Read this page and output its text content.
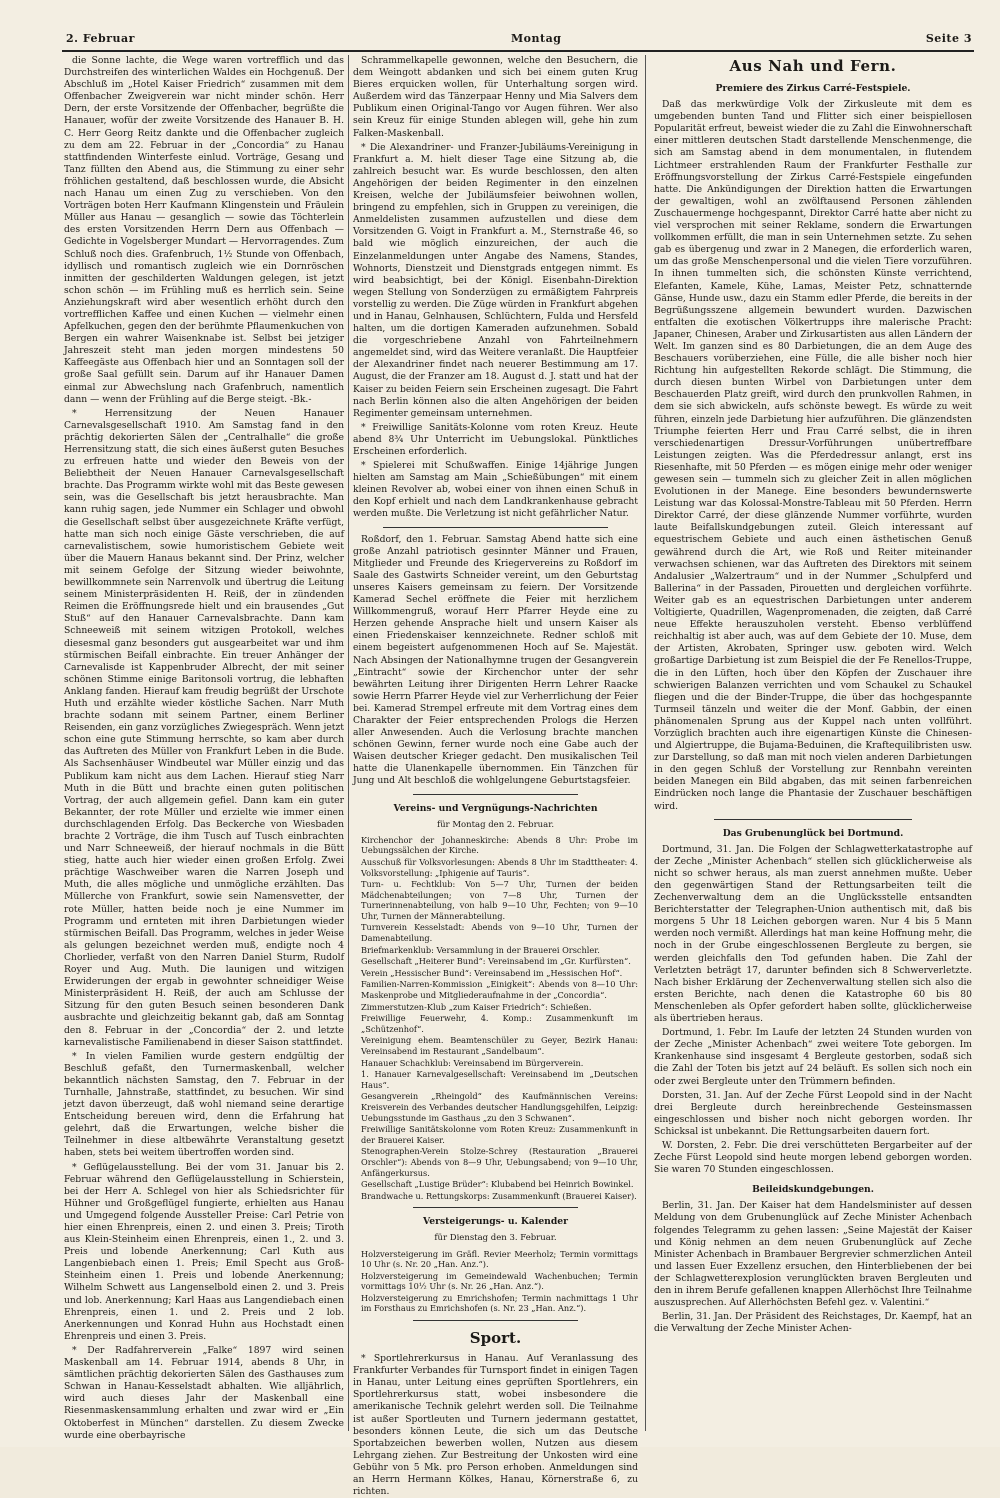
2. Februar	Montag	Seite 3

die Sonne lachte, die Wege waren vortrefflich und das Durchstreifen des winterlichen Waldes ein Hochgenuß. Der Abschluß im „Hotel Kaiser Friedrich“ zusammen mit dem Offenbacher Zweigverein war nicht minder schön. Herr Dern, der erste Vorsitzende der Offenbacher, begrüßte die Hanauer, wofür der zweite Vorsitzende des Hanauer B. H. C. Herr Georg Reitz dankte und die Offenbacher zugleich zu dem am 22. Februar in der „Concordia“ zu Hanau stattfindenden Winterfeste einlud. Vorträge, Gesang und Tanz füllten den Abend aus, die Stimmung zu einer sehr fröhlichen gestaltend, daß beschlossen wurde, die Absicht nach Hanau um einen Zug zu verschieben. Von den Vorträgen boten Herr Kaufmann Klingenstein und Fräulein Müller aus Hanau — gesanglich — sowie das Töchterlein des ersten Vorsitzenden Herrn Dern aus Offenbach — Gedichte in Vogelsberger Mundart — Hervorragendes. Zum Schluß noch dies. Grafenbruch, 1½ Stunde von Offenbach, idyllisch und romantisch zugleich wie ein Dornröschen inmitten der geschilderten Waldungen gelegen, ist jetzt schon schön — im Frühling muß es herrlich sein. Seine Anziehungskraft wird aber wesentlich erhöht durch den vortrefflichen Kaffee und einen Kuchen — vielmehr einen Apfelkuchen, gegen den der berühmte Pflaumenkuchen von Bergen ein wahrer Waisenknabe ist. Selbst bei jetziger Jahreszeit steht man jeden morgen mindestens 50 Kaffeegäste aus Offenbach hier und an Sonntagen soll der große Saal gefüllt sein. Darum auf ihr Hanauer Damen einmal zur Abwechslung nach Grafenbruch, namentlich dann — wenn der Frühling auf die Berge steigt. -Bk.-

* Herrensitzung der Neuen Hanauer Carnevalsgesellschaft 1910. Am Samstag fand in den prächtig dekorierten Sälen der „Centralhalle“ die große Herrensitzung statt, die sich eines äußerst guten Besuches zu erfreuen hatte und wieder den Beweis von der Beliebtheit der Neuen Hanauer Carnevalsgesellschaft brachte. Das Programm wirkte wohl mit das Beste gewesen sein, was die Gesellschaft bis jetzt herausbrachte. Man kann ruhig sagen, jede Nummer ein Schlager und obwohl die Gesellschaft selbst über ausgezeichnete Kräfte verfügt, hatte man sich noch einige Gäste verschrieben, die auf carnevalistischem, sowie humoristischem Gebiete weit über die Mauern Hanaus bekannt sind. Der Prinz, welcher mit seinem Gefolge der Sitzung wieder beiwohnte, bewillkommnete sein Narrenvolk und übertrug die Leitung seinem Ministerpräsidenten H. Reiß, der in zündenden Reimen die Eröffnungsrede hielt und ein brausendes „Gut Stuß“ auf den Hanauer Carnevalsbrachte. Dann kam Schneeweiß mit seinem witzigen Protokoll, welches diesesmal ganz besonders gut ausgearbeitet war und ihm stürmischen Beifall einbrachte. Ein treuer Anhänger der Carnevalisde ist Kappenbruder Albrecht, der mit seiner schönen Stimme einige Baritonsoli vortrug, die lebhaften Anklang fanden. Hierauf kam freudig begrüßt der Urschote Huth und erzählte wieder köstliche Sachen. Narr Muth brachte sodann mit seinem Partner, einem Berliner Reisenden, ein ganz vorzügliches Zwiegespräch. Wenn jetzt schon eine gute Stimmung herrschte, so kam aber durch das Auftreten des Müller von Frankfurt Leben in die Bude. Als Sachsenhäuser Windbeutel war Müller einzig und das Publikum kam nicht aus dem Lachen. Hierauf stieg Narr Muth in die Bütt und brachte einen guten politischen Vortrag, der auch allgemein gefiel. Dann kam ein guter Bekannter, der rote Müller und erzielte wie immer einen durchschlagenden Erfolg. Das Beckerche von Wiesbaden brachte 2 Vorträge, die ihm Tusch auf Tusch einbrachten und Narr Schneeweiß, der hierauf nochmals in die Bütt stieg, hatte auch hier wieder einen großen Erfolg. Zwei prächtige Waschweiber waren die Narren Joseph und Muth, die alles mögliche und unmögliche erzählten. Das Müllerche von Frankfurt, sowie sein Namensvetter, der rote Müller, hatten beide noch je eine Nummer im Programm und ernteten mit ihren Darbietungen wieder stürmischen Beifall. Das Programm, welches in jeder Weise als gelungen bezeichnet werden muß, endigte noch 4 Chorlieder, verfaßt von den Narren Daniel Sturm, Rudolf Royer und Aug. Muth. Die launigen und witzigen Erwiderungen der ergab in gewohnter schneidiger Weise Ministerpräsident H. Reiß, der auch am Schlusse der Sitzung für den guten Besuch seinen besonderen Dank ausbrachte und gleichzeitig bekannt gab, daß am Sonntag den 8. Februar in der „Concordia“ der 2. und letzte karnevalistische Familienabend in dieser Saison stattfindet.

* In vielen Familien wurde gestern endgültig der Beschluß gefaßt, den Turnermaskenball, welcher bekanntlich nächsten Samstag, den 7. Februar in der Turnhalle, Jahnstraße, stattfindet, zu besuchen. Wir sind jetzt davon überzeugt, daß wohl niemand seine derartige Entscheidung bereuen wird, denn die Erfahrung hat gelehrt, daß die Erwartungen, welche bisher die Teilnehmer in diese altbewährte Veranstaltung gesetzt haben, stets bei weitem übertroffen worden sind.

* Geflügelausstellung. Bei der vom 31. Januar bis 2. Februar während den Geflügelausstellung in Schierstein, bei der Herr A. Schlegel von hier als Schiedsrichter für Hühner und Großgeflügel fungierte, erhielten aus Hanau und Umgegend folgende Aussteller Preise: Carl Petrie von hier einen Ehrenpreis, einen 2. und einen 3. Preis; Tiroth aus Klein-Steinheim einen Ehrenpreis, einen 1., 2. und 3. Preis und lobende Anerkennung; Carl Kuth aus Langenbiebach einen 1. Preis; Emil Specht aus Groß-Steinheim einen 1. Preis und lobende Anerkennung; Wilhelm Schwett aus Langenselbold einen 2. und 3. Preis und lob. Anerkennung; Karl Haas aus Langendiebach einen Ehrenpreis, einen 1. und 2. Preis und 2 lob. Anerkennungen und Konrad Huhn aus Hochstadt einen Ehrenpreis und einen 3. Preis.

* Der Radfahrerverein „Falke“ 1897 wird seinen Maskenball am 14. Februar 1914, abends 8 Uhr, in sämtlichen prächtig dekorierten Sälen des Gasthauses zum Schwan in Hanau-Kesselstadt abhalten. Wie alljährlich, wird auch dieses Jahr der Maskenball eine Riesenmaskensammlung erhalten und zwar wird er „Ein Oktoberfest in München“ darstellen. Zu diesem Zwecke wurde eine oberbayrische

Schrammelkapelle gewonnen, welche den Besuchern, die dem Weingott abdanken und sich bei einem guten Krug Bieres erquicken wollen, für Unterhaltung sorgen wird. Außerdem wird das Tänzerpaar Henny und Mia Salvers dem Publikum einen Original-Tango vor Augen führen. Wer also sein Kreuz für einige Stunden ablegen will, gehe hin zum Falken-Maskenball.

* Die Alexandriner- und Franzer-Jubiläums-Vereinigung in Frankfurt a. M. hielt dieser Tage eine Sitzung ab, die zahlreich besucht war. Es wurde beschlossen, den alten Angehörigen der beiden Regimenter in den einzelnen Kreisen, welche der Jubiläumsfeier beiwohnen wollen, bringend zu empfehlen, sich in Gruppen zu vereinigen, die Anmeldelisten zusammen aufzustellen und diese dem Vorsitzenden G. Voigt in Frankfurt a. M., Sternstraße 46, so bald wie möglich einzureichen, der auch die Einzelanmeldungen unter Angabe des Namens, Standes, Wohnorts, Dienstzeit und Dienstgrads entgegen nimmt. Es wird beabsichtigt, bei der Königl. Eisenbahn-Direktion wegen Stellung von Sonderzügen zu ermäßigtem Fahrpreis vorstellig zu werden. Die Züge würden in Frankfurt abgehen und in Hanau, Gelnhausen, Schlüchtern, Fulda und Hersfeld halten, um die dortigen Kameraden aufzunehmen. Sobald die vorgeschriebene Anzahl von Fahrteilnehmern angemeldet sind, wird das Weitere veranlaßt. Die Hauptfeier der Alexandriner findet nach neuerer Bestimmung am 17. August, die der Franzer am 18. August d. J. statt und hat der Kaiser zu beiden Feiern sein Erscheinen zugesagt. Die Fahrt nach Berlin können also die alten Angehörigen der beiden Regimenter gemeinsam unternehmen.

* Freiwillige Sanitäts-Kolonne vom roten Kreuz. Heute abend 8¾ Uhr Unterricht im Uebungslokal. Pünktliches Erscheinen erforderlich.

* Spielerei mit Schußwaffen. Einige 14jährige Jungen hielten am Samstag am Main „Schießübungen“ mit einem kleinen Revolver ab, wobei einer von ihnen einen Schuß in den Kopf erhielt und nach dem Landkrankenhause gebracht werden mußte. Die Verletzung ist nicht gefährlicher Natur.

Roßdorf, den 1. Februar. Samstag Abend hatte sich eine große Anzahl patriotisch gesinnter Männer und Frauen, Mitglieder und Freunde des Kriegervereins zu Roßdorf im Saale des Gastwirts Schneider vereint, um den Geburtstag unseres Kaisers gemeinsam zu feiern. Der Vorsitzende Kamerad Sechel eröffnete die Feier mit herzlichem Willkommengruß, worauf Herr Pfarrer Heyde eine zu Herzen gehende Ansprache hielt und unsern Kaiser als einen Friedenskaiser kennzeichnete. Redner schloß mit einem begeistert aufgenommenen Hoch auf Se. Majestät. Nach Absingen der Nationalhymne trugen der Gesangverein „Eintracht“ sowie der Kirchenchor unter der sehr bewährten Leitung ihrer Dirigenten Herrn Lehrer Raacke sowie Herrn Pfarrer Heyde viel zur Verherrlichung der Feier bei. Kamerad Strempel erfreute mit dem Vortrag eines dem Charakter der Feier entsprechenden Prologs die Herzen aller Anwesenden. Auch die Verlosung brachte manchen schönen Gewinn, ferner wurde noch eine Gabe auch der Waisen deutscher Krieger gedacht. Den musikalischen Teil hatte die Ulanenkapelle übernommen. Ein Tänzchen für Jung und Alt beschloß die wohlgelungene Geburtstagsfeier.

Vereins- und Vergnügungs-Nachrichten
für Montag den 2. Februar.

Kirchenchor der Johanneskirche: Abends 8 Uhr: Probe im Uebungssälchen der Kirche.

Ausschuß für Volksvorlesungen: Abends 8 Uhr im Stadttheater: 4. Volksvorstellung: „Iphigenie auf Tauris“.

Turn- u. Fechtklub: Von 5—7 Uhr, Turnen der beiden Mädchenabteilungen; von 7—8 Uhr, Turnen der Turnerinnenabteilung, von halb 9—10 Uhr, Fechten; von 9—10 Uhr, Turnen der Männerabteilung.

Turnverein Kesselstadt: Abends von 9—10 Uhr, Turnen der Damenabteilung.

Briefmarkenklub: Versammlung in der Brauerei Orschler.

Gesellschaft „Heiterer Bund“: Vereinsabend im „Gr. Kurfürsten“.

Verein „Hessischer Bund“: Vereinsabend im „Hessischen Hof“.

Familien-Narren-Kommission „Einigkeit“: Abends von 8—10 Uhr: Maskenprobe und Mitgliederaufnahme in der „Concordia“.

Zimmerstutzen-Klub „zum Kaiser Friedrich“: Schießen.

Freiwillige Feuerwehr, 4. Komp.: Zusammenkunft im „Schützenhof“.

Vereinigung ehem. Beamtenschüler zu Geyer, Bezirk Hanau: Vereinsabend im Restaurant „Sandelbaum“.

Hanauer Schachklub: Vereinsabend im Bürgerverein.

1. Hanauer Karnevalgesellschaft: Vereinsabend im „Deutschen Haus“.

Gesangverein „Rheingold“ des Kaufmännischen Vereins: Kreisverein des Verbandes deutscher Handlungsgehilfen, Leipzig: Uebungsstunde im Gasthaus „zu den 3 Schwanen“.

Freiwillige Sanitätskolonne vom Roten Kreuz: Zusammenkunft in der Brauerei Kaiser.

Stenographen-Verein Stolze-Schrey (Restauration „Brauerei Orschler“): Abends von 8—9 Uhr, Uebungsabend; von 9—10 Uhr, Anfängerkursus.

Gesellschaft „Lustige Brüder“: Klubabend bei Heinrich Bowinkel.

Brandwache u. Rettungskorps: Zusammenkunft (Brauerei Kaiser).

Versteigerungs- u. Kalender
für Dienstag den 3. Februar.

Holzversteigerung im Gräfl. Revier Meerholz; Termin vormittags 10 Uhr (s. Nr. 20 „Han. Anz.“).

Holzversteigerung im Gemeindewald Wachenbuchen; Termin vormittags 10½ Uhr (s. Nr. 26 „Han. Anz.“).

Holzversteigerung zu Emrichshofen; Termin nachmittags 1 Uhr im Forsthaus zu Emrichshofen (s. Nr. 23 „Han. Anz.“).

Sport.

* Sportlehrerkursus in Hanau. Auf Veranlassung des Frankfurter Verbandes für Turnsport findet in einigen Tagen in Hanau, unter Leitung eines geprüften Sportlehrers, ein Sportlehrerkursus statt, wobei insbesondere die amerikanische Technik gelehrt werden soll. Die Teilnahme ist außer Sportleuten und Turnern jedermann gestattet, besonders können Leute, die sich um das Deutsche Sportabzeichen bewerben wollen, Nutzen aus diesem Lehrgang ziehen. Zur Bestreitung der Unkosten wird eine Gebühr von 5 Mk. pro Person erhoben. Anmeldungen sind an Herrn Hermann Kölkes, Hanau, Körnerstraße 6, zu richten.

Aus Nah und Fern.
Premiere des Zirkus Carré-Festspiele.

Daß das merkwürdige Volk der Zirkusleute mit dem es umgebenden bunten Tand und Flitter sich einer beispiellosen Popularität erfreut, beweist wieder die zu Zahl die Einwohnerschaft einer mittleren deutschen Stadt darstellende Menschenmenge, die sich am Samstag abend in dem monumentalen, in flutendem Lichtmeer erstrahlenden Raum der Frankfurter Festhalle zur Eröffnungsvorstellung der Zirkus Carré-Festspiele eingefunden hatte. Die Ankündigungen der Direktion hatten die Erwartungen der gewaltigen, wohl an zwölftausend Personen zählenden Zuschauermenge hochgespannt, Direktor Carré hatte aber nicht zu viel versprochen mit seiner Reklame, sondern die Erwartungen vollkommen erfüllt, die man in sein Unternehmen setzte. Zu sehen gab es übergenug und zwar in 2 Manegen, die erforderlich waren, um das große Menschenpersonal und die vielen Tiere vorzuführen. In ihnen tummelten sich, die schönsten Künste verrichtend, Elefanten, Kamele, Kühe, Lamas, Meister Petz, schnatternde Gänse, Hunde usw., dazu ein Stamm edler Pferde, die bereits in der Begrüßungsszene allgemein bewundert wurden. Dazwischen entfalten die exotischen Völkertrupps ihre malerische Pracht: Japaner, Chinesen, Araber und Zirkusartisten aus allen Ländern der Welt. Im ganzen sind es 80 Darbietungen, die an dem Auge des Beschauers vorüberziehen, eine Fülle, die alle bisher noch hier Richtung hin aufgestellten Rekorde schlägt. Die Stimmung, die durch diesen bunten Wirbel von Darbietungen unter dem Beschauerden Platz greift, wird durch den prunkvollen Rahmen, in dem sie sich abwickeln, aufs schönste bewegt. Es würde zu weit führen, einzeln jede Darbietung hier aufzuführen. Die glänzendsten Triumphe feierten Herr und Frau Carré selbst, die in ihren verschiedenartigen Dressur-Vorführungen unübertreffbare Leistungen zeigten. Was die Pferdedressur anlangt, erst ins Riesenhafte, mit 50 Pferden — es mögen einige mehr oder weniger gewesen sein — tummeln sich zu gleicher Zeit in allen möglichen Evolutionen in der Manege. Eine besonders bewundernswerte Leistung war das Kolossal-Monstre-Tableau mit 50 Pferden. Herrn Direktor Carré, der diese glänzende Nummer vorführte, wurden laute Beifallskundgebungen zuteil. Gleich interessant auf equestrischem Gebiete und auch einen ästhetischen Genuß gewährend durch die Art, wie Roß und Reiter miteinander verwachsen schienen, war das Auftreten des Direktors mit seinem Andalusier „Walzertraum“ und in der Nummer „Schulpferd und Ballerina“ in der Passaden, Pirouetten und dergleichen vorführte. Weiter gab es an equestrischen Darbietungen unter anderem Voltigierte, Quadrillen, Wagenpromenaden, die zeigten, daß Carré neue Effekte herauszuholen versteht. Ebenso verblüffend reichhaltig ist aber auch, was auf dem Gebiete der 10. Muse, dem der Artisten, Akrobaten, Springer usw. geboten wird. Welch großartige Darbietung ist zum Beispiel die der Fe Renellos-Truppe, die in den Lüften, hoch über den Köpfen der Zuschauer ihre schwierigen Balanzen verrichten und vom Schaukel zu Schaukel fliegen und die der Binder-Truppe, die über das hochgespannte Turmseil tänzeln und weiter die der Monf. Gabbin, der einen phänomenalen Sprung aus der Kuppel nach unten vollführt. Vorzüglich brachten auch ihre eigenartigen Künste die Chinesen- und Algiertruppe, die Bujama-Beduinen, die Kraftequilibristen usw. zur Darstellung, so daß man mit noch vielen anderen Darbietungen in den gegen Schluß der Vorstellung zur Rennbahn vereinten beiden Manegen ein Bild abgaben, das mit seinen farbenreichen Eindrücken noch lange die Phantasie der Zuschauer beschäftigen wird.

Das Grubenunglück bei Dortmund.

Dortmund, 31. Jan. Die Folgen der Schlagwetterkatastrophe auf der Zeche „Minister Achenbach“ stellen sich glücklicherweise als nicht so schwer heraus, als man zuerst annehmen mußte. Ueber den gegenwärtigen Stand der Rettungsarbeiten teilt die Zechenverwaltung dem an die Unglücksstelle entsandten Berichterstatter der Telegraphen-Union authentisch mit, daß bis morgens 5 Uhr 18 Leichen geborgen waren. Nur 4 bis 5 Mann werden noch vermißt. Allerdings hat man keine Hoffnung mehr, die noch in der Grube eingeschlossenen Bergleute zu bergen, sie werden gleichfalls den Tod gefunden haben. Die Zahl der Verletzten beträgt 17, darunter befinden sich 8 Schwerverletzte. Nach bisher Erklärung der Zechenverwaltung stellen sich also die ersten Berichte, nach denen die Katastrophe 60 bis 80 Menschenleben als Opfer gefordert haben sollte, glücklicherweise als übertrieben heraus.

Dortmund, 1. Febr. Im Laufe der letzten 24 Stunden wurden von der Zeche „Minister Achenbach“ zwei weitere Tote geborgen. Im Krankenhause sind insgesamt 4 Bergleute gestorben, sodaß sich die Zahl der Toten bis jetzt auf 24 beläuft. Es sollen sich noch ein oder zwei Bergleute unter den Trümmern befinden.

Dorsten, 31. Jan. Auf der Zeche Fürst Leopold sind in der Nacht drei Bergleute durch hereinbrechende Gesteinsmassen eingeschlossen und bisher noch nicht geborgen worden. Ihr Schicksal ist unbekannt. Die Rettungsarbeiten dauern fort.

W. Dorsten, 2. Febr. Die drei verschütteten Bergarbeiter auf der Zeche Fürst Leopold sind heute morgen lebend geborgen worden. Sie waren 70 Stunden eingeschlossen.

Beileidskundgebungen.

Berlin, 31. Jan. Der Kaiser hat dem Handelsminister auf dessen Meldung von dem Grubenunglück auf Zeche Minister Achenbach folgendes Telegramm zu gehen lassen: „Seine Majestät der Kaiser und König nehmen an dem neuen Grubenunglück auf Zeche Minister Achenbach in Brambauer Bergrevier schmerzlichen Anteil und lassen Euer Exzellenz ersuchen, den Hinterbliebenen der bei der Schlagwetterexplosion verunglückten braven Bergleuten und den in ihrem Berufe gefallenen knappen Allerhöchst Ihre Teilnahme auszusprechen. Auf Allerhöchsten Befehl gez. v. Valentini.“

Berlin, 31. Jan. Der Präsident des Reichstages, Dr. Kaempf, hat an die Verwaltung der Zeche Minister Achen-
